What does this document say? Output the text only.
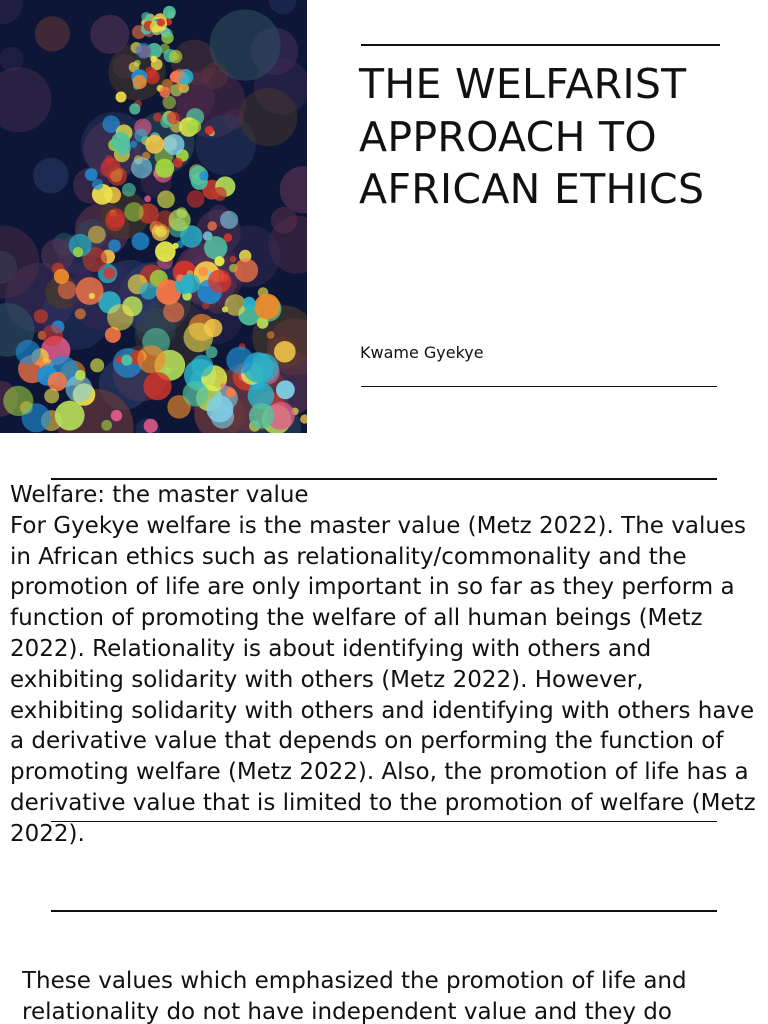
THE WELFARIST APPROACH TO AFRICAN ETHICS
Kwame Gyekye

Welfare: the master value

For Gyekye welfare is the master value (Metz 2022). The values in African ethics such as relationality/commonality and the promotion of life are only important in so far as they perform a function of promoting the welfare of all human beings (Metz 2022). Relationality is about identifying with others and exhibiting solidarity with others (Metz 2022). However, exhibiting solidarity with others and identifying with others have a derivative value that depends on performing the function of promoting welfare (Metz 2022). Also, the promotion of life has a derivative value that is limited to the promotion of welfare (Metz 2022).

These values which emphasized the promotion of life and relationality do not have independent value and they do
